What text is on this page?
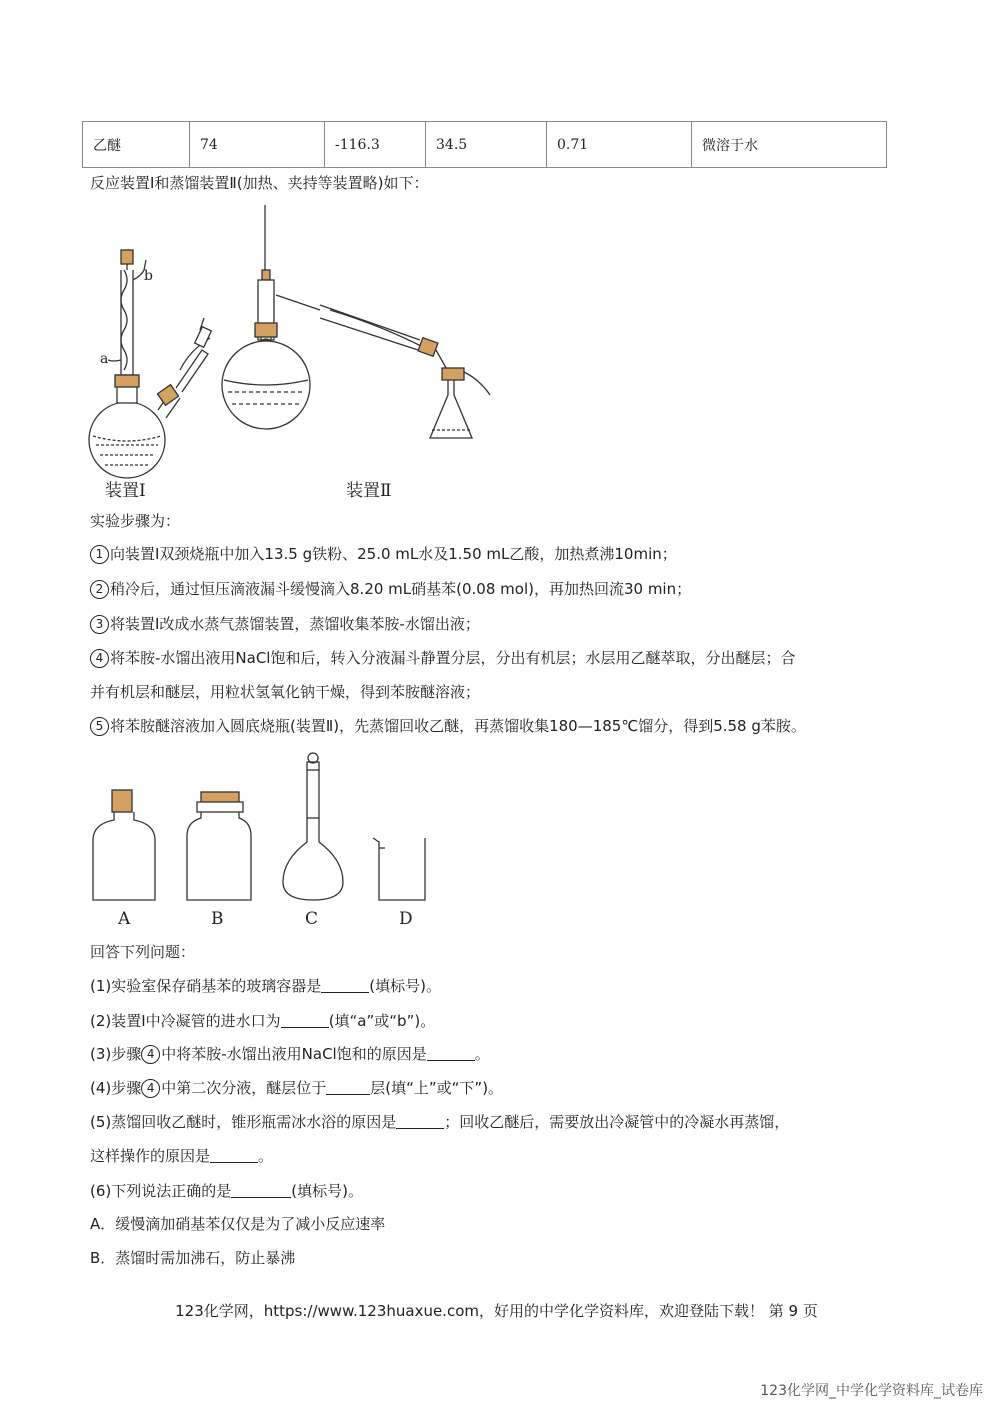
乙醚	74	-116.3	34.5	0.71	微溶于水
反应装置Ⅰ和蒸馏装置Ⅱ(加热、夹持等装置略)如下：
a
b
装置Ⅰ	装置Ⅱ
实验步骤为：
1 向装置Ⅰ双颈烧瓶中加入13.5 g铁粉、25.0 mL水及1.50 mL乙酸，加热煮沸10min；
2 稍冷后，通过恒压滴液漏斗缓慢滴入8.20 mL硝基苯(0.08 mol)，再加热回流30 min；
3 将装置Ⅰ改成水蒸气蒸馏装置，蒸馏收集苯胺-水馏出液；
4 将苯胺-水馏出液用NaCl饱和后，转入分液漏斗静置分层，分出有机层；水层用乙醚萃取，分出醚层；合
并有机层和醚层，用粒状氢氧化钠干燥，得到苯胺醚溶液；
5 将苯胺醚溶液加入圆底烧瓶(装置Ⅱ)，先蒸馏回收乙醚，再蒸馏收集180—185℃馏分，得到5.58 g苯胺。
A	B	C	D
回答下列问题：
(1)实验室保存硝基苯的玻璃容器是	(填标号)。
(2)装置Ⅰ中冷凝管的进水口为	(填“a”或“b”)。
(3)步骤 4 中将苯胺-水馏出液用NaCl饱和的原因是	。
(4)步骤 4 中第二次分液，醚层位于	层(填“上”或“下”)。
(5)蒸馏回收乙醚时，锥形瓶需冰水浴的原因是	；回收乙醚后，需要放出冷凝管中的冷凝水再蒸馏，
这样操作的原因是	。
(6)下列说法正确的是	(填标号)。
A．缓慢滴加硝基苯仅仅是为了减小反应速率
B．蒸馏时需加沸石，防止暴沸
123化学网，https://www.123huaxue.com，好用的中学化学资料库，欢迎登陆下载！ 第 9 页
123化学网_中学化学资料库_试卷库
